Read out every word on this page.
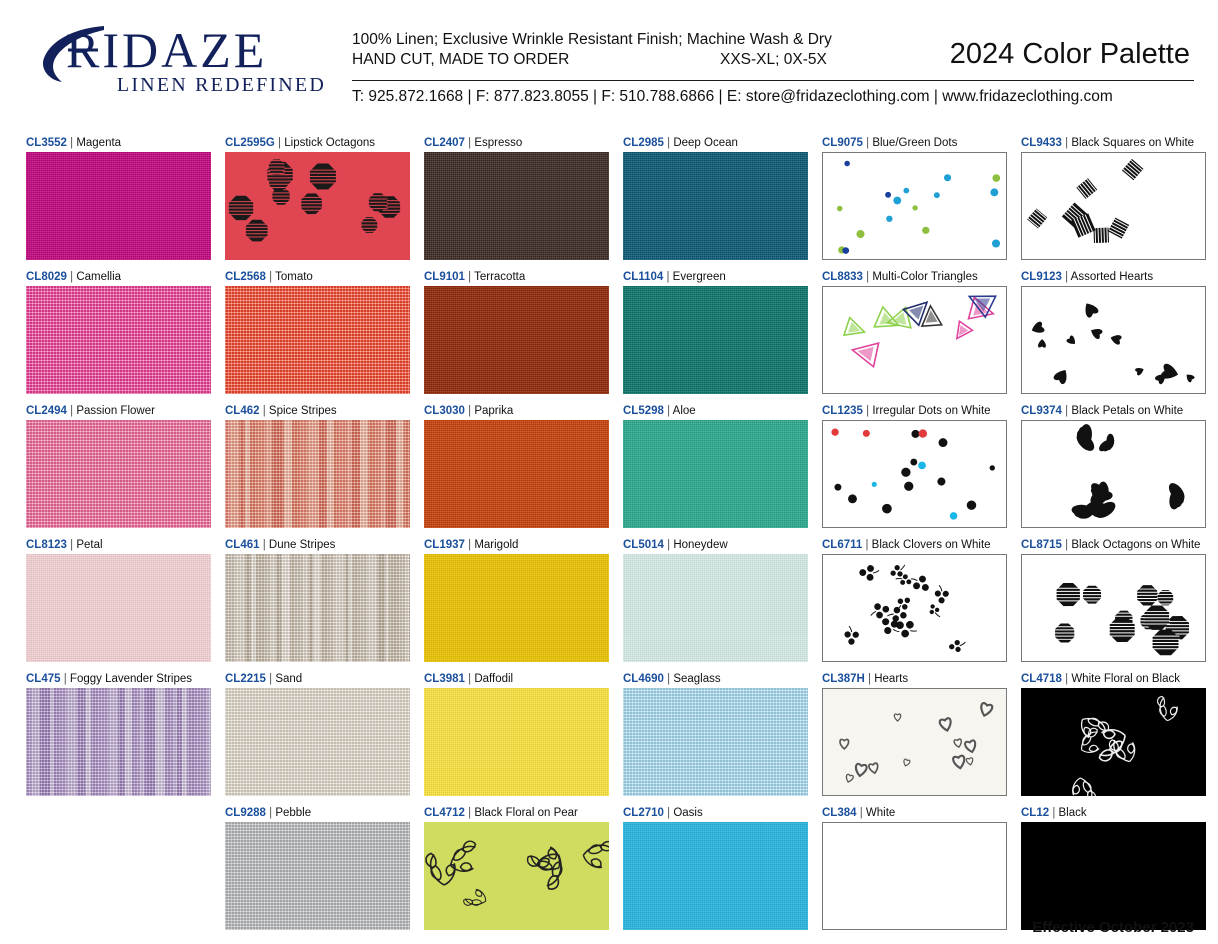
RIDAZE
LINEN REDEFINED
100% Linen; Exclusive Wrinkle Resistant Finish; Machine Wash & Dry
HAND CUT, MADE TO ORDER	XXS-XL; 0X-5X	2024 Color Palette
T: 925.872.1668 | F: 877.823.8055 | F: 510.788.6866 | E: store@fridazeclothing.com | www.fridazeclothing.com
CL3552 | Magenta	CL2595G | Lipstick Octagons	CL2407 | Espresso	CL2985 | Deep Ocean	CL9075 | Blue/Green Dots	CL9433 | Black Squares on White
CL8029 | Camellia	CL2568 | Tomato	CL9101 | Terracotta	CL1104 | Evergreen	CL8833 | Multi-Color Triangles	CL9123 | Assorted Hearts
CL2494 | Passion Flower	CL462 | Spice Stripes	CL3030 | Paprika	CL5298 | Aloe	CL1235 | Irregular Dots on White	CL9374 | Black Petals on White
CL8123 | Petal	CL461 | Dune Stripes	CL1937 | Marigold	CL5014 | Honeydew	CL6711 | Black Clovers on White	CL8715 | Black Octagons on White
CL475 | Foggy Lavender Stripes	CL2215 | Sand	CL3981 | Daffodil	CL4690 | Seaglass	CL387H | Hearts	CL4718 | White Floral on Black
CL9288 | Pebble	CL4712 | Black Floral on Pear	CL2710 | Oasis	CL384 | White	CL12 | Black
Effective October 2023
